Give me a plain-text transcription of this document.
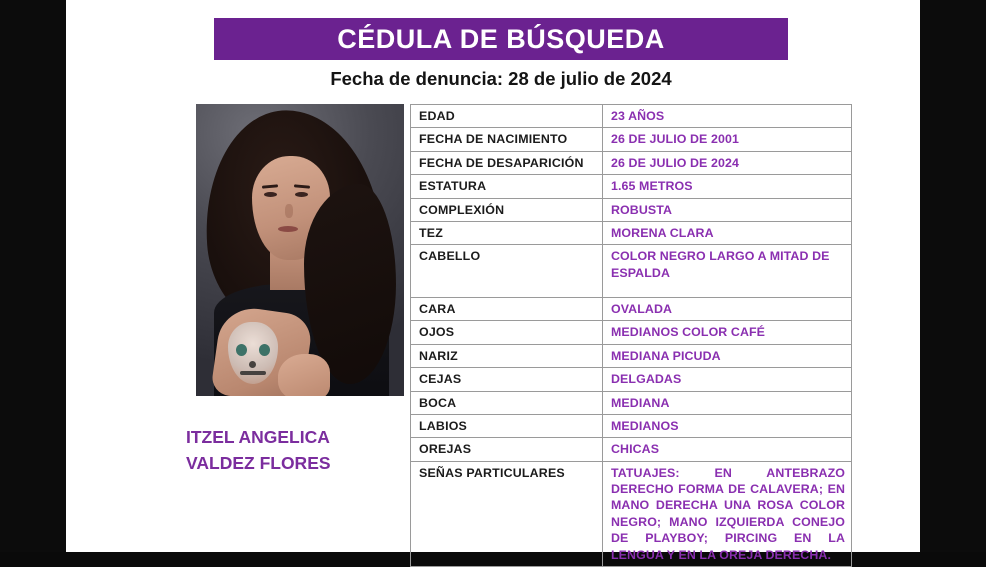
CÉDULA DE BÚSQUEDA
Fecha de denuncia: 28 de julio de 2024
ITZEL ANGELICA
VALDEZ FLORES
EDAD	23 AÑOS
FECHA DE NACIMIENTO	26 DE JULIO DE 2001
FECHA DE DESAPARICIÓN	26 DE JULIO DE 2024
ESTATURA	1.65 METROS
COMPLEXIÓN	ROBUSTA
TEZ	MORENA CLARA
CABELLO	COLOR NEGRO LARGO A MITAD DE ESPALDA
CARA	OVALADA
OJOS	MEDIANOS COLOR CAFÉ
NARIZ	MEDIANA PICUDA
CEJAS	DELGADAS
BOCA	MEDIANA
LABIOS	MEDIANOS
OREJAS	CHICAS
SEÑAS PARTICULARES	TATUAJES: EN ANTEBRAZO DERECHO FORMA DE CALAVERA; EN MANO DERECHA UNA ROSA COLOR NEGRO; MANO IZQUIERDA CONEJO DE PLAYBOY; PIRCING EN LA LENGUA Y EN LA OREJA DERECHA.
